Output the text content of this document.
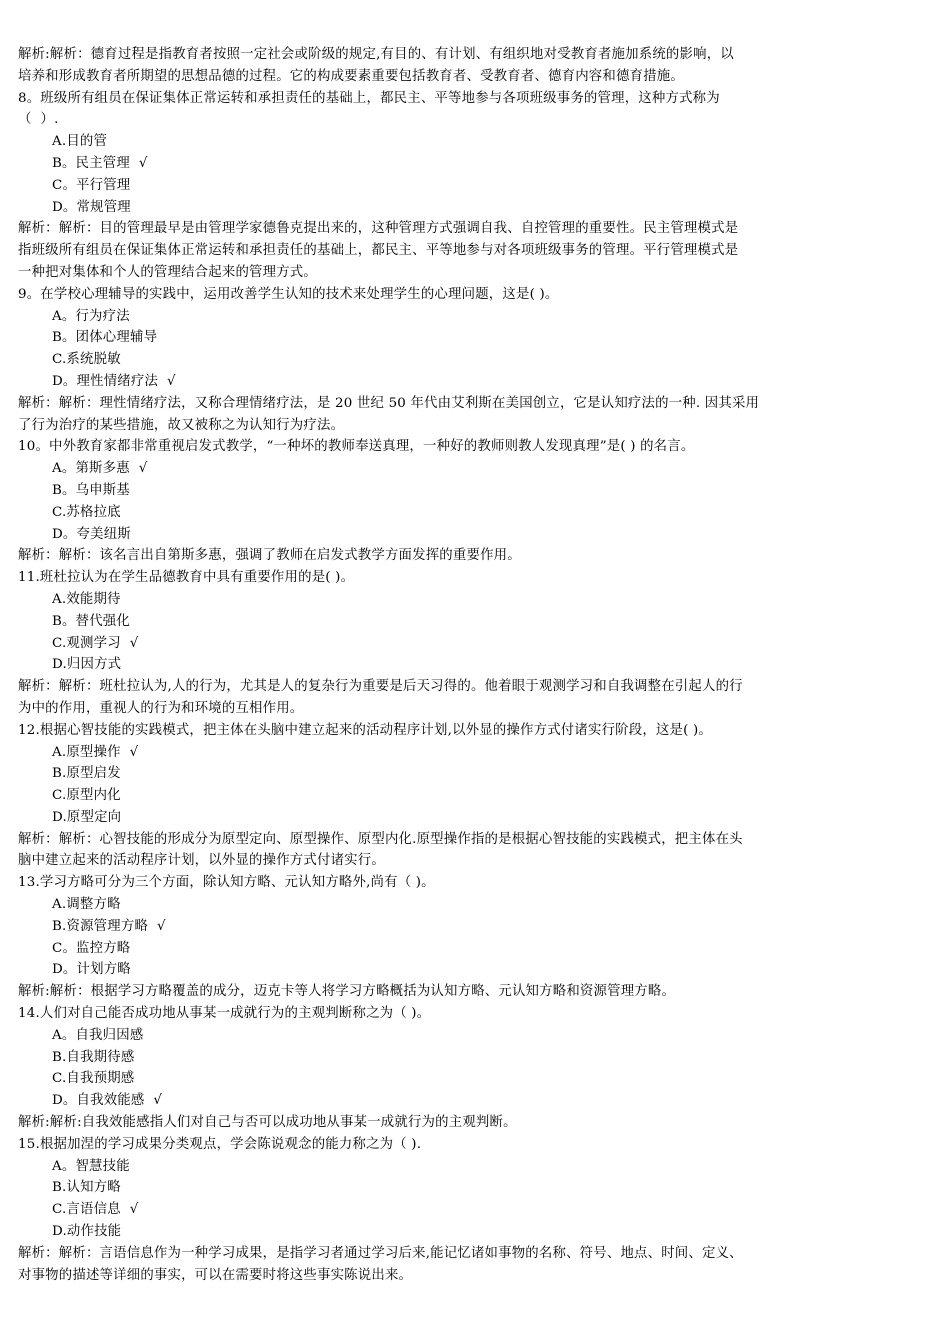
解析:解析：德育过程是指教育者按照一定社会或阶级的规定,有目的、有计划、有组织地对受教育者施加系统的影响，以
培养和形成教育者所期望的思想品德的过程。它的构成要素重要包括教育者、受教育者、德育内容和德育措施。
8。班级所有组员在保证集体正常运转和承担责任的基础上，都民主、平等地参与各项班级事务的管理，这种方式称为
（  ）.
A.目的管
B。民主管理  √
C。平行管理
D。常规管理
解析：解析：目的管理最早是由管理学家德鲁克提出来的，这种管理方式强调自我、自控管理的重要性。民主管理模式是
指班级所有组员在保证集体正常运转和承担责任的基础上，都民主、平等地参与对各项班级事务的管理。平行管理模式是
一种把对集体和个人的管理结合起来的管理方式。
9。在学校心理辅导的实践中，运用改善学生认知的技术来处理学生的心理问题，这是( )。
A。行为疗法
B。团体心理辅导
C.系统脱敏
D。理性情绪疗法  √
解析：解析：理性情绪疗法，又称合理情绪疗法，是 20 世纪 50 年代由艾利斯在美国创立，它是认知疗法的一种. 因其采用
了行为治疗的某些措施，故又被称之为认知行为疗法。
10。中外教育家都非常重视启发式教学，“一种坏的教师奉送真理，一种好的教师则教人发现真理”是( ) 的名言。
A。第斯多惠  √
B。乌申斯基
C.苏格拉底
D。夸美纽斯
解析：解析：该名言出自第斯多惠，强调了教师在启发式教学方面发挥的重要作用。
11.班杜拉认为在学生品德教育中具有重要作用的是( )。
A.效能期待
B。替代强化
C.观测学习  √
D.归因方式
解析：解析：班杜拉认为,人的行为，尤其是人的复杂行为重要是后天习得的。他着眼于观测学习和自我调整在引起人的行
为中的作用，重视人的行为和环境的互相作用。
12.根据心智技能的实践模式，把主体在头脑中建立起来的活动程序计划,以外显的操作方式付诸实行阶段，这是( )。
A.原型操作  √
B.原型启发
C.原型内化
D.原型定向
解析：解析：心智技能的形成分为原型定向、原型操作、原型内化.原型操作指的是根据心智技能的实践模式，把主体在头
脑中建立起来的活动程序计划，以外显的操作方式付诸实行。
13.学习方略可分为三个方面，除认知方略、元认知方略外,尚有（ )。
A.调整方略
B.资源管理方略  √
C。监控方略
D。计划方略
解析:解析：根据学习方略覆盖的成分，迈克卡等人将学习方略概括为认知方略、元认知方略和资源管理方略。
14.人们对自己能否成功地从事某一成就行为的主观判断称之为（ )。
A。自我归因感
B.自我期待感
C.自我预期感
D。自我效能感  √
解析:解析:自我效能感指人们对自己与否可以成功地从事某一成就行为的主观判断。
15.根据加涅的学习成果分类观点，学会陈说观念的能力称之为（ ).
A。智慧技能
B.认知方略
C.言语信息  √
D.动作技能
解析：解析：言语信息作为一种学习成果，是指学习者通过学习后来,能记忆诸如事物的名称、符号、地点、时间、定义、
对事物的描述等详细的事实，可以在需要时将这些事实陈说出来。
